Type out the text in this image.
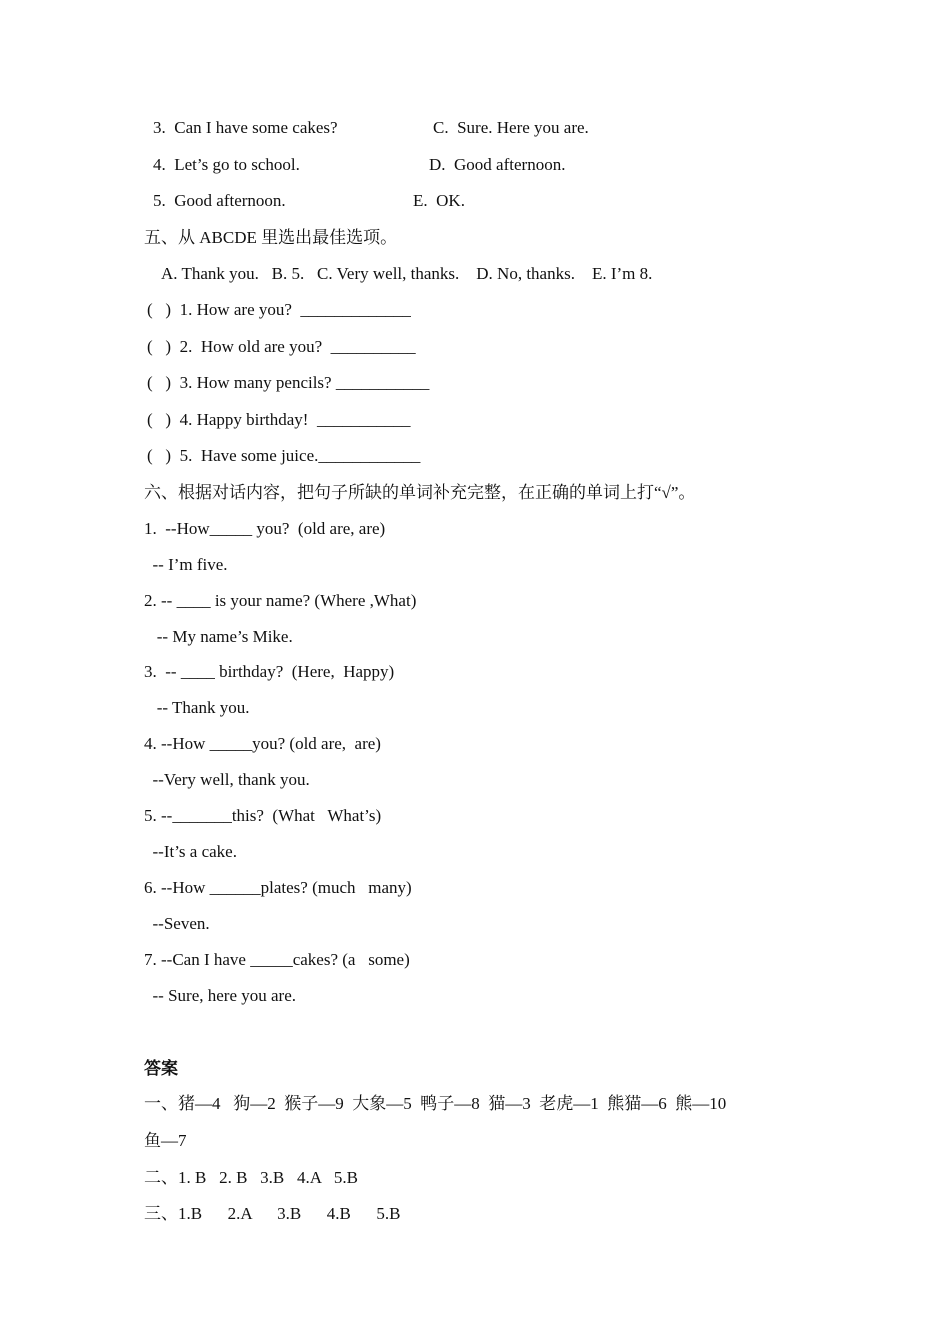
3.  Can I have some cakes?	C.  Sure. Here you are.
4.  Let’s go to school.	D.  Good afternoon.
5.  Good afternoon.	E.  OK.
五、从 ABCDE 里选出最佳选项。
A. Thank you.   B. 5.   C. Very well, thanks.    D. No, thanks.    E. I’m 8.
(   )  1. How are you?  _____________
(   )  2.  How old are you?  __________
(   )  3. How many pencils? ___________
(   )  4. Happy birthday!  ___________
(   )  5.  Have some juice.____________
六、根据对话内容，把句子所缺的单词补充完整，在正确的单词上打“√”。
1.  --How_____ you?  (old are, are)
-- I’m five.
2. -- ____ is your name? (Where ,What)
-- My name’s Mike.
3.  -- ____ birthday?  (Here,  Happy)
-- Thank you.
4. --How _____you? (old are,  are)
--Very well, thank you.
5. --_______this?  (What   What’s)
--It’s a cake.
6. --How ______plates? (much   many)
--Seven.
7. --Can I have _____cakes? (a   some)
-- Sure, here you are.
答案
一、猪—4   狗—2  猴子—9  大象—5  鸭子—8  猫—3  老虎—1  熊猫—6  熊—10
鱼—7
二、1. B   2. B   3.B   4.A   5.B
三、1.B      2.A      3.B      4.B      5.B
